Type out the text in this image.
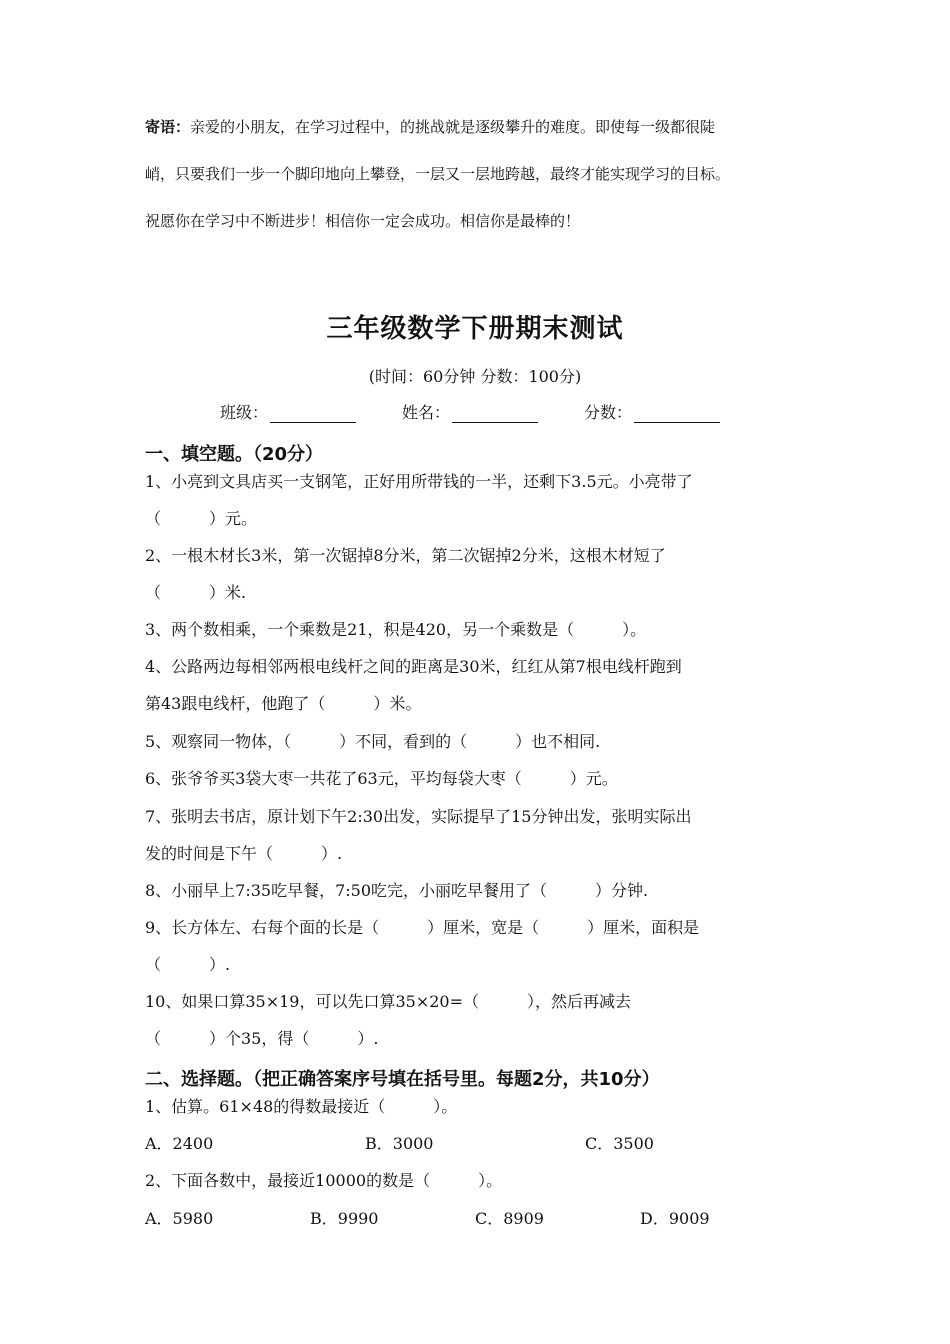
寄语：亲爱的小朋友，在学习过程中，的挑战就是逐级攀升的难度。即使每一级都很陡
峭，只要我们一步一个脚印地向上攀登，一层又一层地跨越，最终才能实现学习的目标。
祝愿你在学习中不断进步！相信你一定会成功。相信你是最棒的！
三年级数学下册期末测试
(时间：60分钟 分数：100分)
班级：	姓名：	分数：
一、填空题。（20分）
1、小亮到文具店买一支钢笔，正好用所带钱的一半，还剩下3.5元。小亮带了
（　　　）元。
2、一根木材长3米，第一次锯掉8分米，第二次锯掉2分米，这根木材短了
（　　　）米.
3、两个数相乘，一个乘数是21，积是420，另一个乘数是（　　　）。
4、公路两边每相邻两根电线杆之间的距离是30米，红红从第7根电线杆跑到
第43跟电线杆，他跑了（　　　）米。
5、观察同一物体，（　　　）不同，看到的（　　　）也不相同.
6、张爷爷买3袋大枣一共花了63元，平均每袋大枣（　　　）元。
7、张明去书店，原计划下午2:30出发，实际提早了15分钟出发，张明实际出
发的时间是下午（　　　）.
8、小丽早上7:35吃早餐，7:50吃完，小丽吃早餐用了（　　　）分钟.
9、长方体左、右每个面的长是（　　　）厘米，宽是（　　　）厘米，面积是
（　　　）.
10、如果口算35×19，可以先口算35×20=（　　　），然后再减去
（　　　）个35，得（　　　）.
二、选择题。（把正确答案序号填在括号里。每题2分，共10分）
1、估算。61×48的得数最接近（　　　）。
A．2400	B．3000	C．3500
2、下面各数中，最接近10000的数是（　　　）。
A．5980	B．9990	C．8909	D．9009
